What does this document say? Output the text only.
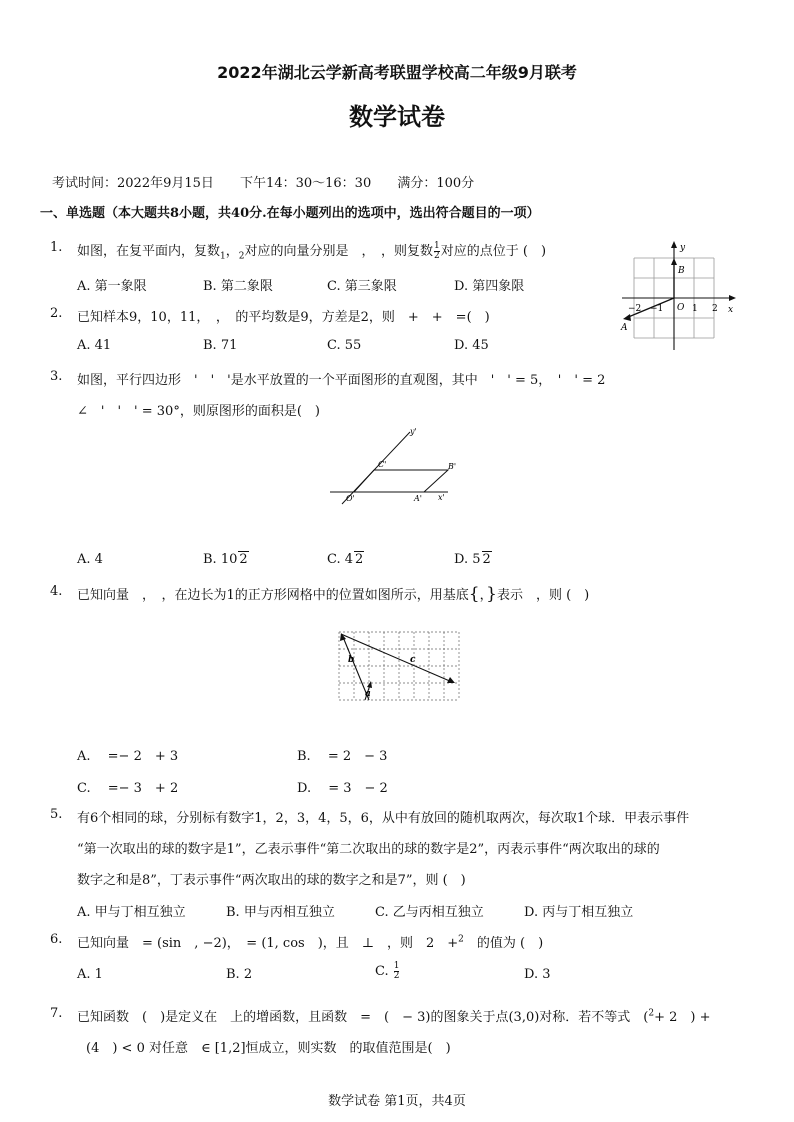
2022年湖北云学新高考联盟学校高二年级9月联考
数学试卷
考试时间：2022年9月15日 下午14：30～16：30 满分：100分
一、单选题（本大题共8小题，共40分.在每小题列出的选项中，选出符合题目的一项）
1. 如图，在复平面内，复数$_1$，$_2$对应的向量分别是　，　，则复数 $\frac{1}{2}$ 对应的点位于 (　)
A. 第一象限	B. 第二象限	C. 第三象限	D. 第四象限
y
x
O
B
A
−2 −1	1 2
2. 已知样本9，10，11，　，　的平均数是9，方差是2，则　+　+　=(　)
A. 41	B. 71	C. 55	D. 45
3. 如图，平行四边形　'　'　'是水平放置的一个平面图形的直观图，其中　'　' = 5，　'　' = 2
∠　'　'　' = 30°，则原图形的面积是(　)
A. 4	B. 10 2	C. 4 2	D. 5 2
y'
x'
O'	A'
B'
C'
4. 已知向量　，　，在边长为1的正方形网格中的位置如图所示，用基底{，}表示　，则 (　)
A. 　=− 2　+ 3	B. 　= 2　− 3
C. 　=− 3　+ 2	D. 　= 3　− 2
b	c
a
5. 有6个相同的球，分别标有数字1，2，3，4，5，6，从中有放回的随机取两次，每次取1个球．甲表示事件
“第一次取出的球的数字是1”，乙表示事件“第二次取出的球的数字是2”，丙表示事件“两次取出的球的
数字之和是8”，丁表示事件“两次取出的球的数字之和是7”，则 (　)
A. 甲与丁相互独立	B. 甲与丙相互独立	C. 乙与丙相互独立	D. 丙与丁相互独立
6. 已知向量　= (sin　, −2)，　= (1, cos　)，且　⊥　，则　2　+$^2$　 的值为 (　)
A. 1	B. 2	C. $\frac{1}{2}$	D. 3
7. 已知函数　(　)是定义在　上的增函数，且函数　=　(　− 3)的图象关于点(3,0)对称．若不等式　($^2$+ 2　) +
(4　) < 0 对任意　∈ [1,2]恒成立，则实数　的取值范围是(　)
数学试卷 第1页，共4页
